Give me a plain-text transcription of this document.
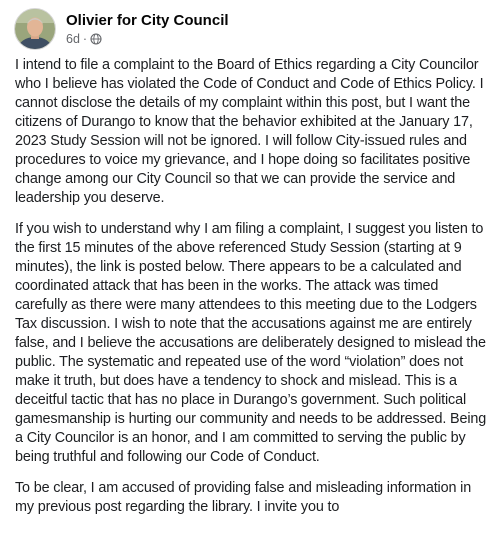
Olivier for City Council
6d ·

I intend to file a complaint to the Board of Ethics regarding a City Councilor who I believe has violated the Code of Conduct and Code of Ethics Policy. I cannot disclose the details of my complaint within this post, but I want the citizens of Durango to know that the behavior exhibited at the January 17, 2023 Study Session will not be ignored. I will follow City-issued rules and procedures to voice my grievance, and I hope doing so facilitates positive change among our City Council so that we can provide the service and leadership you deserve.

If you wish to understand why I am filing a complaint, I suggest you listen to the first 15 minutes of the above referenced Study Session (starting at 9 minutes), the link is posted below. There appears to be a calculated and coordinated attack that has been in the works. The attack was timed carefully as there were many attendees to this meeting due to the Lodgers Tax discussion. I wish to note that the accusations against me are entirely false, and I believe the accusations are deliberately designed to mislead the public. The systematic and repeated use of the word “violation” does not make it truth, but does have a tendency to shock and mislead. This is a deceitful tactic that has no place in Durango’s government. Such political gamesmanship is hurting our community and needs to be addressed. Being a City Councilor is an honor, and I am committed to serving the public by being truthful and following our Code of Conduct.

To be clear, I am accused of providing false and misleading information in my previous post regarding the library. I invite you to
